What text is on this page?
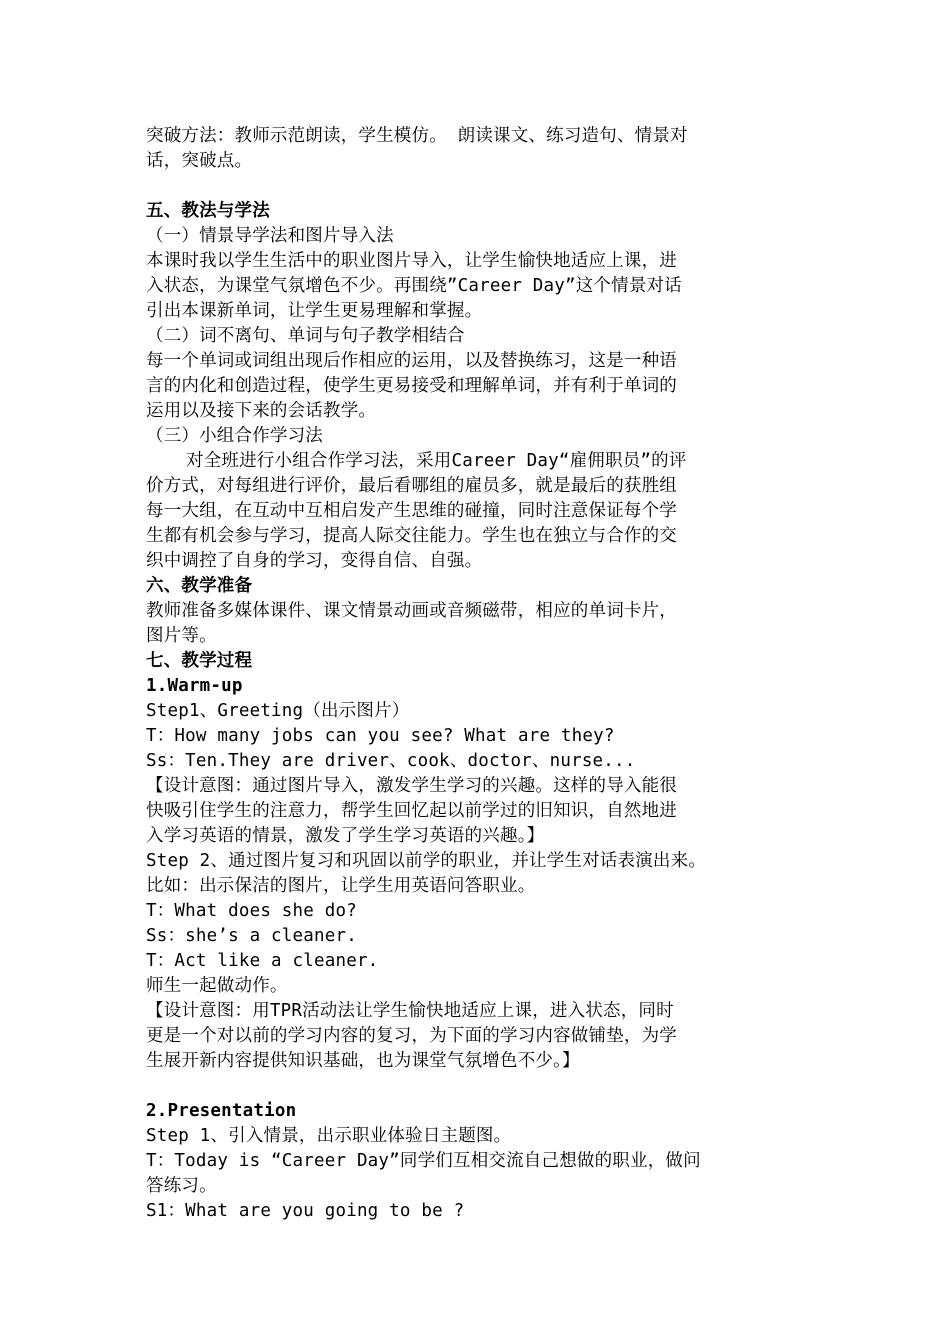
突破方法：教师示范朗读，学生模仿。 朗读课文、练习造句、情景对
话，突破点。
五、教法与学法
（一）情景导学法和图片导入法
本课时我以学生生活中的职业图片导入，让学生愉快地适应上课，进
入状态，为课堂气氛增色不少。再围绕”Career Day”这个情景对话
引出本课新单词，让学生更易理解和掌握。
（二）词不离句、单词与句子教学相结合
每一个单词或词组出现后作相应的运用，以及替换练习，这是一种语
言的内化和创造过程，使学生更易接受和理解单词，并有利于单词的
运用以及接下来的会话教学。
（三）小组合作学习法
对全班进行小组合作学习法，采用Career Day“雇佣职员”的评
价方式，对每组进行评价，最后看哪组的雇员多，就是最后的获胜组
每一大组，在互动中互相启发产生思维的碰撞，同时注意保证每个学
生都有机会参与学习，提高人际交往能力。学生也在独立与合作的交
织中调控了自身的学习，变得自信、自强。
六、教学准备
教师准备多媒体课件、课文情景动画或音频磁带，相应的单词卡片，
图片等。
七、教学过程
1.Warm-up
Step1、Greeting（出示图片）
T：How many jobs can you see? What are they?
Ss：Ten.They are driver、cook、doctor、nurse...
【设计意图：通过图片导入，激发学生学习的兴趣。这样的导入能很
快吸引住学生的注意力，帮学生回忆起以前学过的旧知识，自然地进
入学习英语的情景，激发了学生学习英语的兴趣。】
Step 2、通过图片复习和巩固以前学的职业，并让学生对话表演出来。
比如：出示保洁的图片，让学生用英语问答职业。
T：What does she do?
Ss：she’s a cleaner.
T：Act like a cleaner.
师生一起做动作。
【设计意图：用TPR活动法让学生愉快地适应上课，进入状态，同时
更是一个对以前的学习内容的复习，为下面的学习内容做铺垫，为学
生展开新内容提供知识基础，也为课堂气氛增色不少。】
2.Presentation
Step 1、引入情景，出示职业体验日主题图。
T：Today is “Career Day”同学们互相交流自己想做的职业，做问
答练习。
S1：What are you going to be ?
